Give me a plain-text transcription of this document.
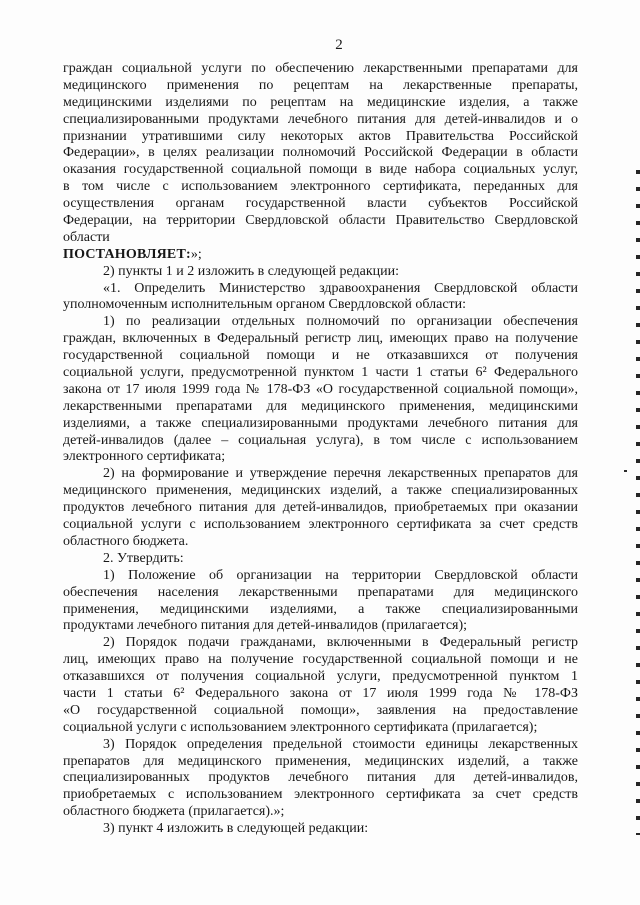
2
граждан социальной услуги по обеспечению лекарственными препаратами для
медицинского применения по рецептам на лекарственные препараты,
медицинскими изделиями по рецептам на медицинские изделия, а также
специализированными продуктами лечебного питания для детей-инвалидов и о
признании утратившими силу некоторых актов Правительства Российской
Федерации», в целях реализации полномочий Российской Федерации в области
оказания государственной социальной помощи в виде набора социальных услуг,
в том числе с использованием электронного сертификата, переданных для
осуществления органам государственной власти субъектов Российской
Федерации, на территории Свердловской области Правительство Свердловской
области
ПОСТАНОВЛЯЕТ:»;
2) пункты 1 и 2 изложить в следующей редакции:
«1. Определить Министерство здравоохранения Свердловской области
уполномоченным исполнительным органом Свердловской области:
1) по реализации отдельных полномочий по организации обеспечения
граждан, включенных в Федеральный регистр лиц, имеющих право на получение
государственной социальной помощи и не отказавшихся от получения
социальной услуги, предусмотренной пунктом 1 части 1 статьи 6² Федерального
закона от 17 июля 1999 года № 178-ФЗ «О государственной социальной помощи»,
лекарственными препаратами для медицинского применения, медицинскими
изделиями, а также специализированными продуктами лечебного питания для
детей-инвалидов (далее – социальная услуга), в том числе с использованием
электронного сертификата;
2) на формирование и утверждение перечня лекарственных препаратов для
медицинского применения, медицинских изделий, а также специализированных
продуктов лечебного питания для детей-инвалидов, приобретаемых при оказании
социальной услуги с использованием электронного сертификата за счет средств
областного бюджета.
2. Утвердить:
1) Положение об организации на территории Свердловской области
обеспечения населения лекарственными препаратами для медицинского
применения, медицинскими изделиями, а также специализированными
продуктами лечебного питания для детей-инвалидов (прилагается);
2) Порядок подачи гражданами, включенными в Федеральный регистр
лиц, имеющих право на получение государственной социальной помощи и не
отказавшихся от получения социальной услуги, предусмотренной пунктом 1
части 1 статьи 6² Федерального закона от 17 июля 1999 года № 178-ФЗ
«О государственной социальной помощи», заявления на предоставление
социальной услуги с использованием электронного сертификата (прилагается);
3) Порядок определения предельной стоимости единицы лекарственных
препаратов для медицинского применения, медицинских изделий, а также
специализированных продуктов лечебного питания для детей-инвалидов,
приобретаемых с использованием электронного сертификата за счет средств
областного бюджета (прилагается).»;
3) пункт 4 изложить в следующей редакции:
